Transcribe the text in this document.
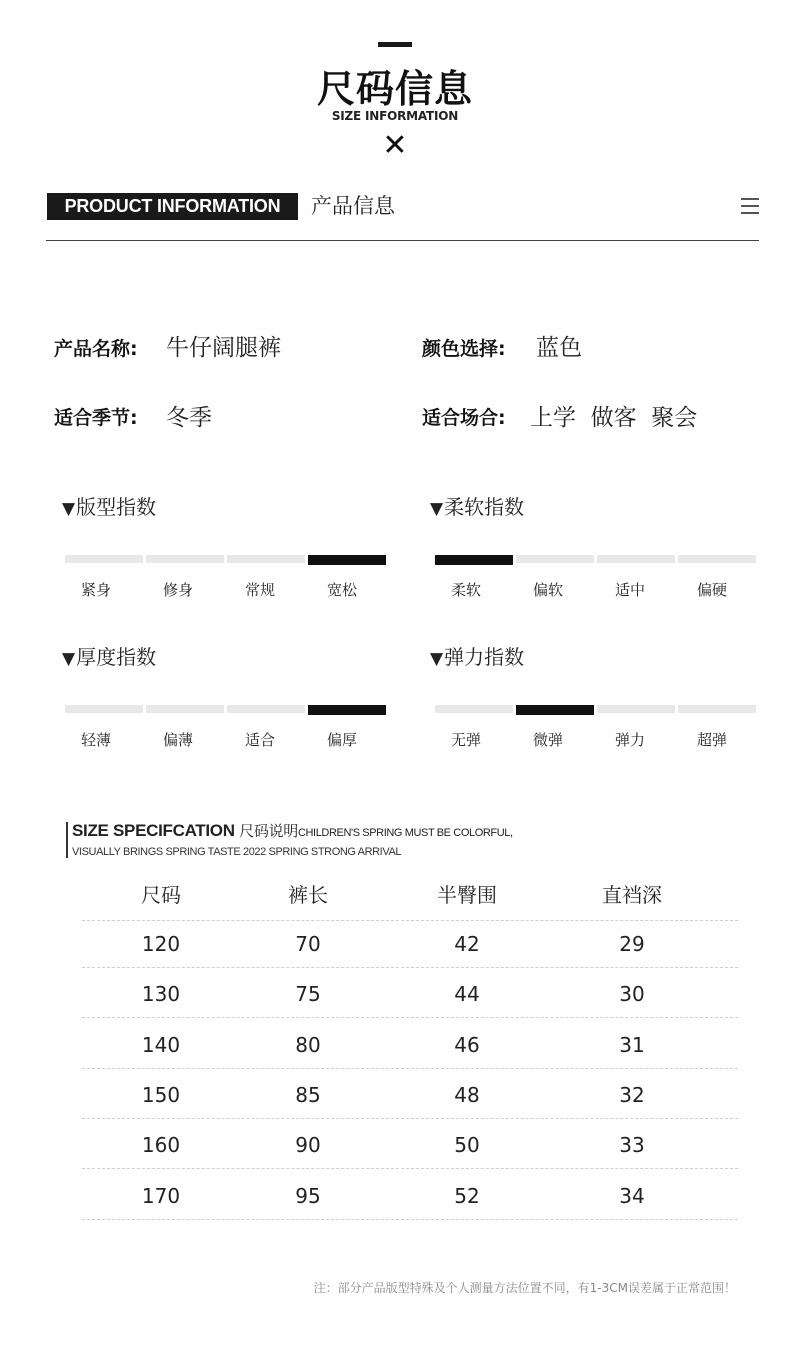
尺码信息
SIZE INFORMATION
✕
PRODUCT INFORMATION	产品信息
产品名称: 牛仔阔腿裤	颜色选择: 蓝色
适合季节: 冬季	适合场合: 上学  做客  聚会
▼版型指数	▼柔软指数
▼厚度指数	▼弹力指数
紧身	修身	常规	宽松	柔软	偏软	适中	偏硬
轻薄	偏薄	适合	偏厚	无弹	微弹	弹力	超弹
SIZE SPECIFCATION 尺码说明CHILDREN'S SPRING MUST BE COLORFUL,
VISUALLY BRINGS SPRING TASTE 2022 SPRING STRONG ARRIVAL
尺码	裤长	半臀围	直裆深
120	70	42	29
130	75	44	30
140	80	46	31
150	85	48	32
160	90	50	33
170	95	52	34
注：部分产品版型特殊及个人测量方法位置不同，有1-3CM误差属于正常范围！
